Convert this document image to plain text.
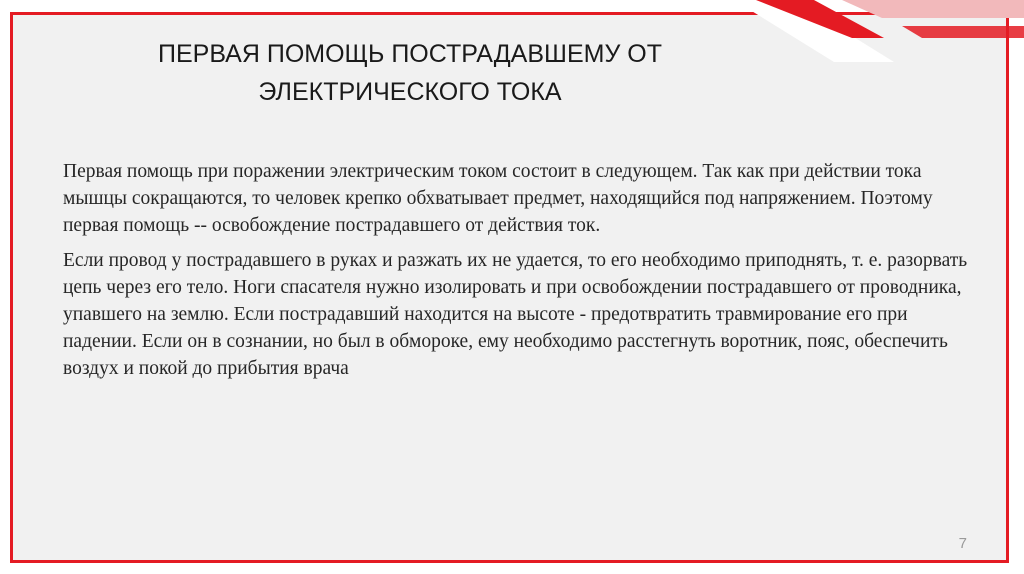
ПЕРВАЯ ПОМОЩЬ ПОСТРАДАВШЕМУ ОТ ЭЛЕКТРИЧЕСКОГО ТОКА

Первая помощь при поражении электрическим током состоит в следующем. Так как при действии тока мышцы сокращаются, то человек крепко обхватывает предмет, находящийся под напряжением. Поэтому первая помощь -- освобождение пострадавшего от действия ток.

Если провод у пострадавшего в руках и разжать их не удается, то его необходимо приподнять, т. е. разорвать цепь через его тело. Ноги спасателя нужно изолировать и при освобождении пострадавшего от проводника, упавшего на землю. Если пострадавший находится на высоте - предотвратить травмирование его при падении. Если он в сознании, но был в обмороке, ему необходимо расстегнуть воротник, пояс, обеспечить воздух и покой до прибытия врача

7
